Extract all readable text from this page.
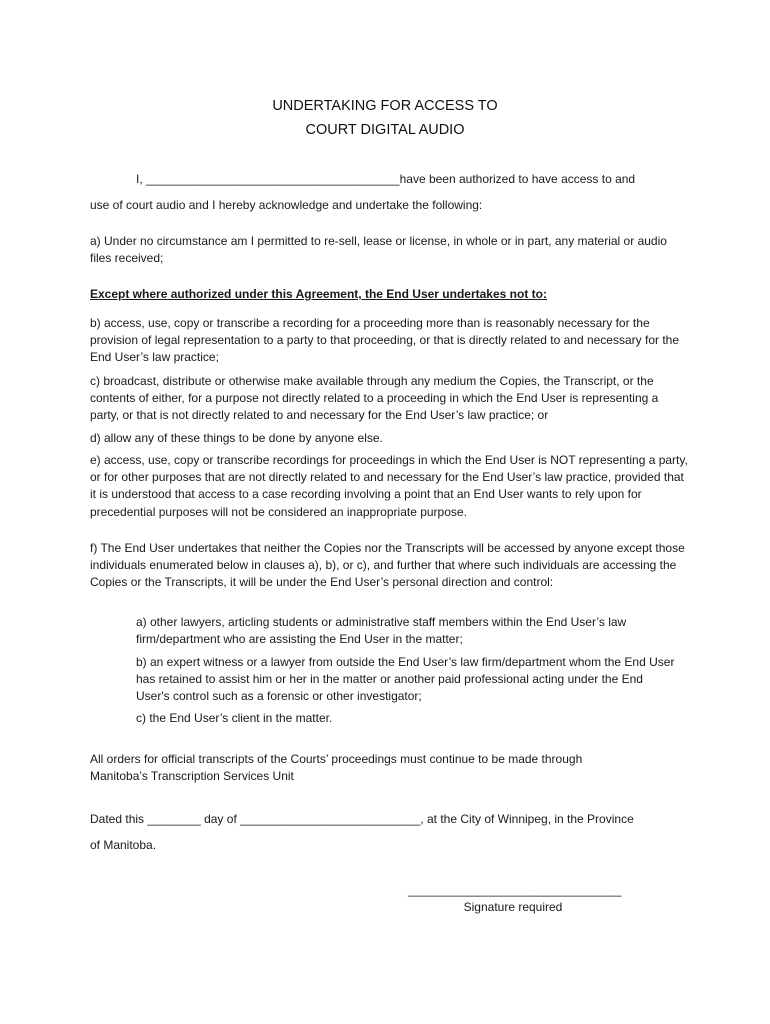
UNDERTAKING FOR ACCESS TO

COURT DIGITAL AUDIO

I, ______________________________________have been authorized to have access to and

use of court audio and I hereby acknowledge and undertake the following:

a) Under no circumstance am I permitted to re-sell, lease or license, in whole or in part, any material or audio files received;

Except where authorized under this Agreement, the End User undertakes not to:

b) access, use, copy or transcribe a recording for a proceeding more than is reasonably necessary for the provision of legal representation to a party to that proceeding, or that is directly related to and necessary for the End User’s law practice;

c) broadcast, distribute or otherwise make available through any medium the Copies, the Transcript, or the contents of either, for a purpose not directly related to a proceeding in which the End User is representing a party, or that is not directly related to and necessary for the End User’s law practice; or

d) allow any of these things to be done by anyone else.

e) access, use, copy or transcribe recordings for proceedings in which the End User is NOT representing a party, or for other purposes that are not directly related to and necessary for the End User’s law practice, provided that it is understood that access to a case recording involving a point that an End User wants to rely upon for precedential purposes will not be considered an inappropriate purpose.

f) The End User undertakes that neither the Copies nor the Transcripts will be accessed by anyone except those individuals enumerated below in clauses a), b), or c), and further that where such individuals are accessing the Copies or the Transcripts, it will be under the End User’s personal direction and control:

a) other lawyers, articling students or administrative staff members within the End User’s law firm/department who are assisting the End User in the matter;

b) an expert witness or a lawyer from outside the End User’s law firm/department whom the End User has retained to assist him or her in the matter or another paid professional acting under the End User's control such as a forensic or other investigator;

c) the End User’s client in the matter.

All orders for official transcripts of the Courts’ proceedings must continue to be made through Manitoba’s Transcription Services Unit

Dated this ________ day of ___________________________, at the City of Winnipeg, in the Province

of Manitoba.

________________________________
Signature required
